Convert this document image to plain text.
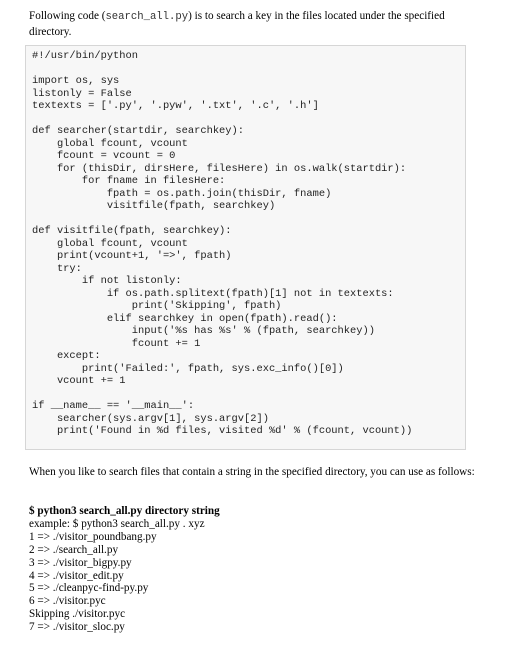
Following code (search_all.py) is to search a key in the files located under the specified directory.
#!/usr/bin/python
import os, sys
listonly = False
textexts = ['.py', '.pyw', '.txt', '.c', '.h']
def searcher(startdir, searchkey):
global fcount, vcount
fcount = vcount = 0
for (thisDir, dirsHere, filesHere) in os.walk(startdir):
for fname in filesHere:
fpath = os.path.join(thisDir, fname)
visitfile(fpath, searchkey)
def visitfile(fpath, searchkey):
global fcount, vcount
print(vcount+1, '=>', fpath)
try:
if not listonly:
if os.path.splitext(fpath)[1] not in textexts:
print('Skipping', fpath)
elif searchkey in open(fpath).read():
input('%s has %s' % (fpath, searchkey))
fcount += 1
except:
print('Failed:', fpath, sys.exc_info()[0])
vcount += 1
if __name__ == '__main__':
searcher(sys.argv[1], sys.argv[2])
print('Found in %d files, visited %d' % (fcount, vcount))
When you like to search files that contain a string in the specified directory, you can use as follows:
$ python3 search_all.py directory string
example: $ python3 search_all.py . xyz
1 => ./visitor_poundbang.py
2 => ./search_all.py
3 => ./visitor_bigpy.py
4 => ./visitor_edit.py
5 => ./cleanpyc-find-py.py
6 => ./visitor.pyc
Skipping ./visitor.pyc
7 => ./visitor_sloc.py
